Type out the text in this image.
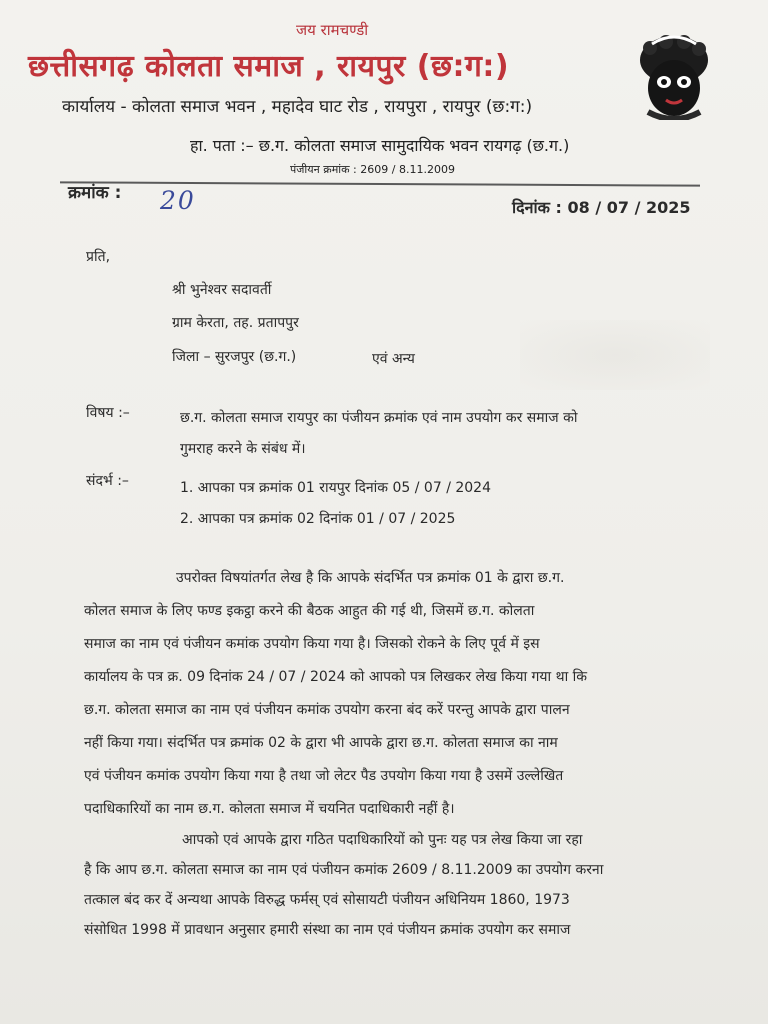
जय रामचण्डी
छत्तीसगढ़ कोलता समाज , रायपुर (छ:ग:)
कार्यालय - कोलता समाज भवन , महादेव घाट रोड , रायपुरा , रायपुर (छ:ग:)
हा. पता :– छ.ग. कोलता समाज सामुदायिक भवन रायगढ़ (छ.ग.)
पंजीयन क्रमांक : 2609 / 8.11.2009
क्रमांक : 20	दिनांक : 08 / 07 / 2025
प्रति,
श्री भुनेश्वर सदावर्ती
ग्राम केरता, तह. प्रतापपुर
जिला – सुरजपुर (छ.ग.)	एवं अन्य
विषय :–	छ.ग. कोलता समाज रायपुर का पंजीयन क्रमांक एवं नाम उपयोग कर समाज को
गुमराह करने के संबंध में।
संदर्भ :–	1. आपका पत्र क्रमांक 01 रायपुर दिनांक 05 / 07 / 2024
2. आपका पत्र क्रमांक 02 दिनांक 01 / 07 / 2025
उपरोक्त विषयांतर्गत लेख है कि आपके संदर्भित पत्र क्रमांक 01 के द्वारा छ.ग.
कोलत समाज के लिए फण्ड इकट्ठा करने की बैठक आहुत की गई थी, जिसमें छ.ग. कोलता
समाज का नाम एवं पंजीयन कमांक उपयोग किया गया है। जिसको रोकने के लिए पूर्व में इस
कार्यालय के पत्र क्र. 09 दिनांक 24 / 07 / 2024 को आपको पत्र लिखकर लेख किया गया था कि
छ.ग. कोलता समाज का नाम एवं पंजीयन कमांक उपयोग करना बंद करें परन्तु आपके द्वारा पालन
नहीं किया गया। संदर्भित पत्र क्रमांक 02 के द्वारा भी आपके द्वारा छ.ग. कोलता समाज का नाम
एवं पंजीयन कमांक उपयोग किया गया है तथा जो लेटर पैड उपयोग किया गया है उसमें उल्लेखित
पदाधिकारियों का नाम छ.ग. कोलता समाज में चयनित पदाधिकारी नहीं है।
आपको एवं आपके द्वारा गठित पदाधिकारियों को पुनः यह पत्र लेख किया जा रहा
है कि आप छ.ग. कोलता समाज का नाम एवं पंजीयन कमांक 2609 / 8.11.2009 का उपयोग करना
तत्काल बंद कर दें अन्यथा आपके विरुद्ध फर्मस् एवं सोसायटी पंजीयन अधिनियम 1860, 1973
संसोधित 1998 में प्रावधान अनुसार हमारी संस्था का नाम एवं पंजीयन क्रमांक उपयोग कर समाज
